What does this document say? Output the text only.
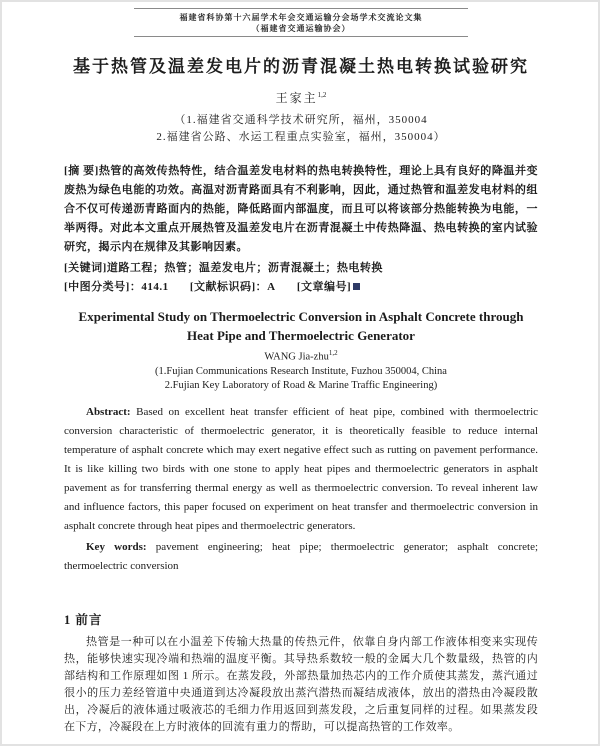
福建省科协第十六届学术年会交通运输分会场学术交流论文集
（福建省交通运输协会）
基于热管及温差发电片的沥青混凝土热电转换试验研究
王家主$^{1,2}$
（1.福建省交通科学技术研究所，福州，350004
2.福建省公路、水运工程重点实验室，福州，350004）
[摘 要]热管的高效传热特性，结合温差发电材料的热电转换特性，理论上具有良好的降温并变废热为绿色电能的功效。高温对沥青路面具有不利影响，因此，通过热管和温差发电材料的组合不仅可传递沥青路面内的热能，降低路面内部温度，而且可以将该部分热能转换为电能，一举两得。对此本文重点开展热管及温差发电片在沥青混凝土中传热降温、热电转换的室内试验研究，揭示内在规律及其影响因素。
[关键词]道路工程；热管；温差发电片；沥青混凝土；热电转换
[中图分类号]：414.1 [文献标识码]：A [文章编号]
Experimental Study on Thermoelectric Conversion in Asphalt Concrete through
Heat Pipe and Thermoelectric Generator
WANG Jia-zhu$^{1,2}$
(1.Fujian Communications Research Institute, Fuzhou 350004, China
2.Fujian Key Laboratory of Road & Marine Traffic Engineering)
Abstract: Based on excellent heat transfer efficient of heat pipe, combined with thermoelectric conversion characteristic of thermoelectric generator, it is theoretically feasible to reduce internal temperature of asphalt concrete which may exert negative effect such as rutting on pavement performance. It is like killing two birds with one stone to apply heat pipes and thermoelectric generators in asphalt pavement as for transferring thermal energy as well as thermoelectric conversion. To reveal inherent law and influence factors, this paper focused on experiment on heat transfer and thermoelectric conversion in asphalt concrete through heat pipes and thermoelectric generators.
Key words: pavement engineering; heat pipe; thermoelectric generator; asphalt concrete; thermoelectric conversion
1 前言
热管是一种可以在小温差下传输大热量的传热元件，依靠自身内部工作液体相变来实现传热，能够快速实现冷端和热端的温度平衡。其导热系数较一般的金属大几个数量级，热管的内部结构和工作原理如图 1 所示。在蒸发段，外部热量加热芯内的工作介质使其蒸发，蒸汽通过很小的压力差经管道中央通道到达冷凝段放出蒸汽潜热而凝结成液体，放出的潜热由冷凝段散出，冷凝后的液体通过吸液芯的毛细力作用返回到蒸发段，之后重复同样的过程。如果蒸发段在下方，冷凝段在上方时液体的回流有重力的帮助，可以提高热管的工作效率。
